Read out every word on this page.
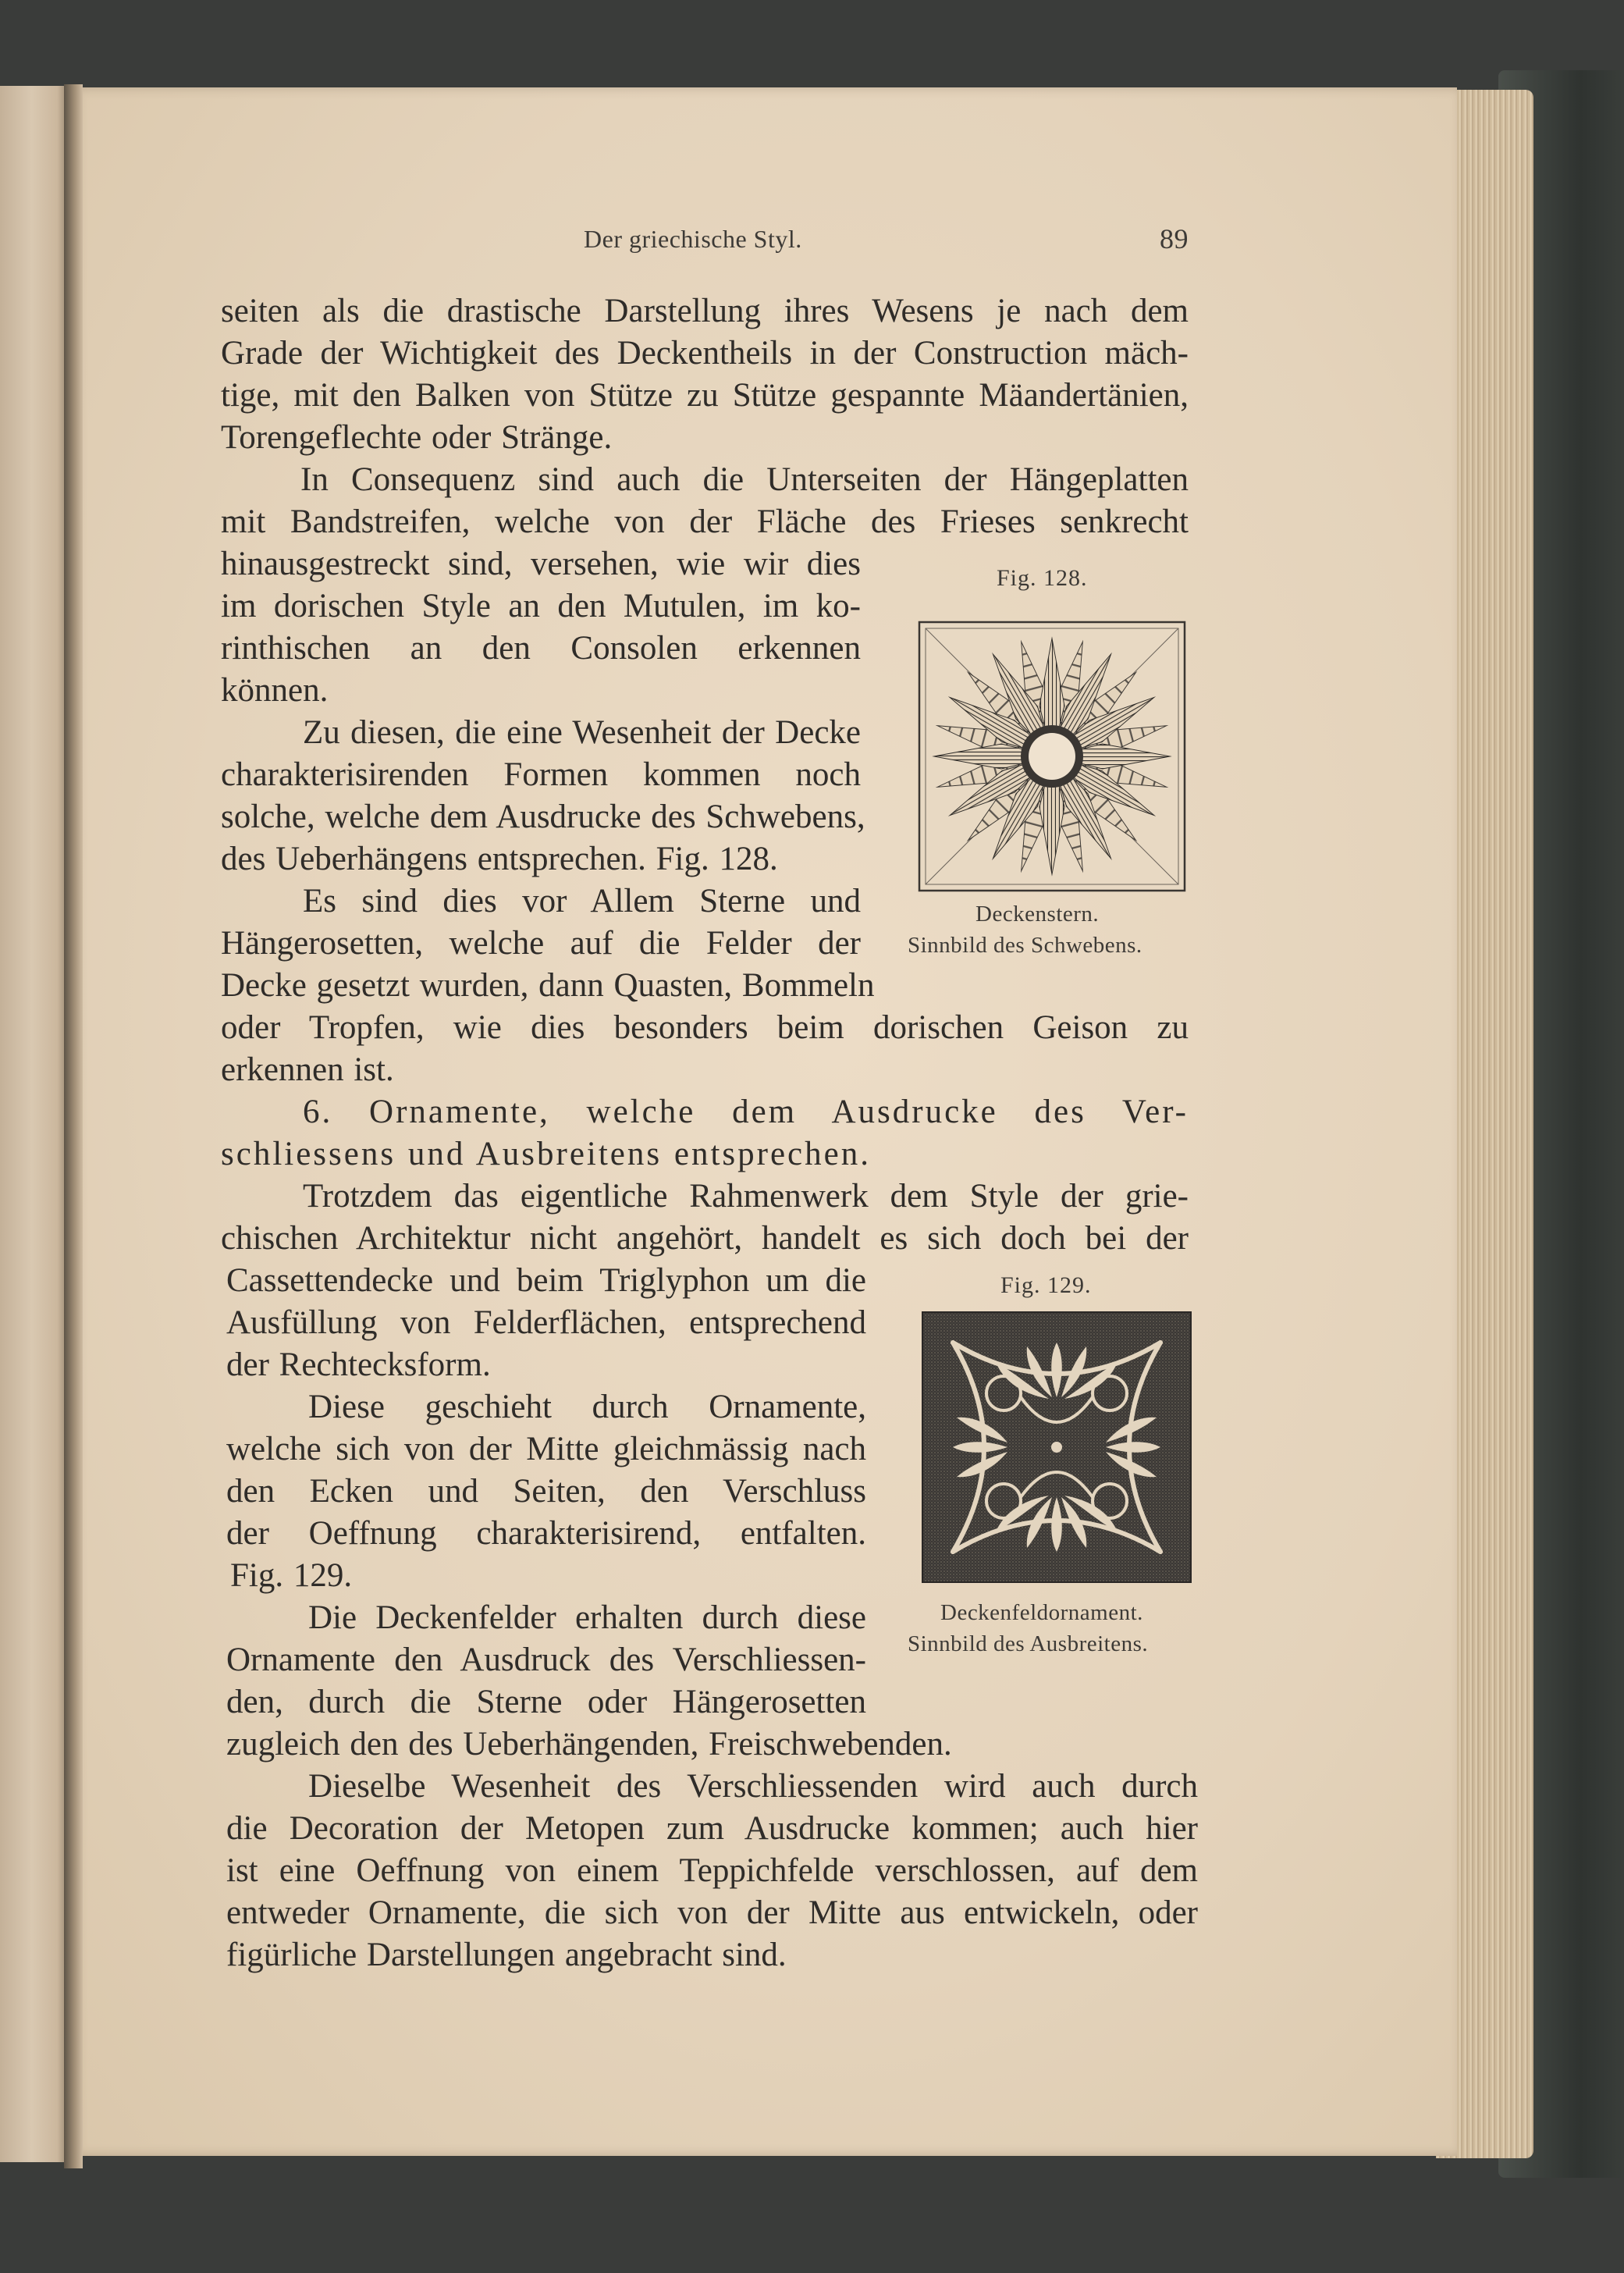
Der griechische Styl.	89
seiten als die drastische Darstellung ihres Wesens je nach dem
Grade der Wichtigkeit des Deckentheils in der Construction mäch-
tige, mit den Balken von Stütze zu Stütze gespannte Mäandertänien,
Torengeflechte oder Stränge.
In Consequenz sind auch die Unterseiten der Hängeplatten
mit Bandstreifen, welche von der Fläche des Frieses senkrecht
hinausgestreckt sind, versehen, wie wir dies
im dorischen Style an den Mutulen, im ko-
rinthischen an den Consolen erkennen
können.
Zu diesen, die eine Wesenheit der Decke
charakterisirenden Formen kommen noch
solche, welche dem Ausdrucke des Schwebens,
des Ueberhängens entsprechen. Fig. 128.
Es sind dies vor Allem Sterne und
Hängerosetten, welche auf die Felder der
Decke gesetzt wurden, dann Quasten, Bommeln
oder Tropfen, wie dies besonders beim dorischen Geison zu
erkennen ist.
6. Ornamente, welche dem Ausdrucke des Ver-
schliessens und Ausbreitens entsprechen.
Trotzdem das eigentliche Rahmenwerk dem Style der grie-
chischen Architektur nicht angehört, handelt es sich doch bei der
Cassettendecke und beim Triglyphon um die
Ausfüllung von Felderflächen, entsprechend
der Rechtecksform.
Diese geschieht durch Ornamente,
welche sich von der Mitte gleichmässig nach
den Ecken und Seiten, den Verschluss
der Oeffnung charakterisirend, entfalten.
Fig. 129.
Die Deckenfelder erhalten durch diese
Ornamente den Ausdruck des Verschliessen-
den, durch die Sterne oder Hängerosetten
zugleich den des Ueberhängenden, Freischwebenden.
Dieselbe Wesenheit des Verschliessenden wird auch durch
die Decoration der Metopen zum Ausdrucke kommen; auch hier
ist eine Oeffnung von einem Teppichfelde verschlossen, auf dem
entweder Ornamente, die sich von der Mitte aus entwickeln, oder
figürliche Darstellungen angebracht sind.
Fig. 128.
Deckenstern.
Sinnbild des Schwebens.
Fig. 129.
Deckenfeldornament.
Sinnbild des Ausbreitens.
